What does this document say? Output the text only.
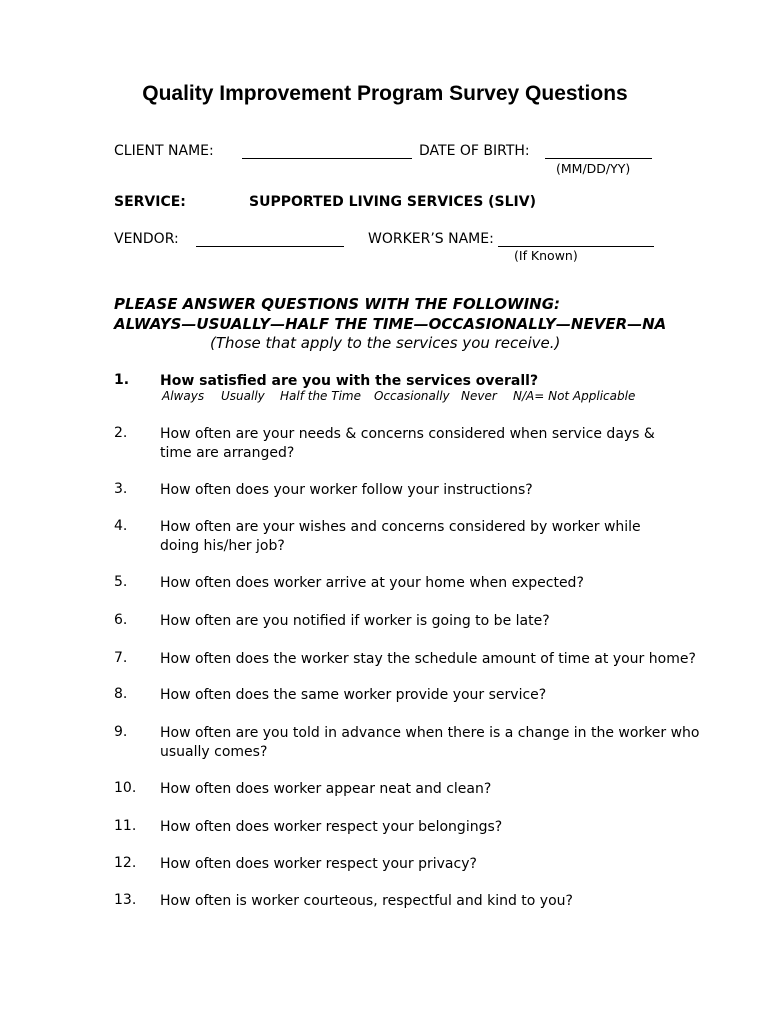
Quality Improvement Program Survey Questions
CLIENT NAME:	DATE OF BIRTH:
(MM/DD/YY)
SERVICE:	SUPPORTED LIVING SERVICES (SLIV)
VENDOR:	WORKER’S NAME:
(If Known)
PLEASE ANSWER QUESTIONS WITH THE FOLLOWING:
ALWAYS—USUALLY—HALF THE TIME—OCCASIONALLY—NEVER—NA
(Those that apply to the services you receive.)
1. How satisfied are you with the services overall?
Always Usually Half the Time Occasionally Never N/A= Not Applicable
2. How often are your needs & concerns considered when service days &
time are arranged?
3. How often does your worker follow your instructions?
4. How often are your wishes and concerns considered by worker while
doing his/her job?
5. How often does worker arrive at your home when expected?
6. How often are you notified if worker is going to be late?
7. How often does the worker stay the schedule amount of time at your home?
8. How often does the same worker provide your service?
9. How often are you told in advance when there is a change in the worker who
usually comes?
10. How often does worker appear neat and clean?
11. How often does worker respect your belongings?
12. How often does worker respect your privacy?
13. How often is worker courteous, respectful and kind to you?
